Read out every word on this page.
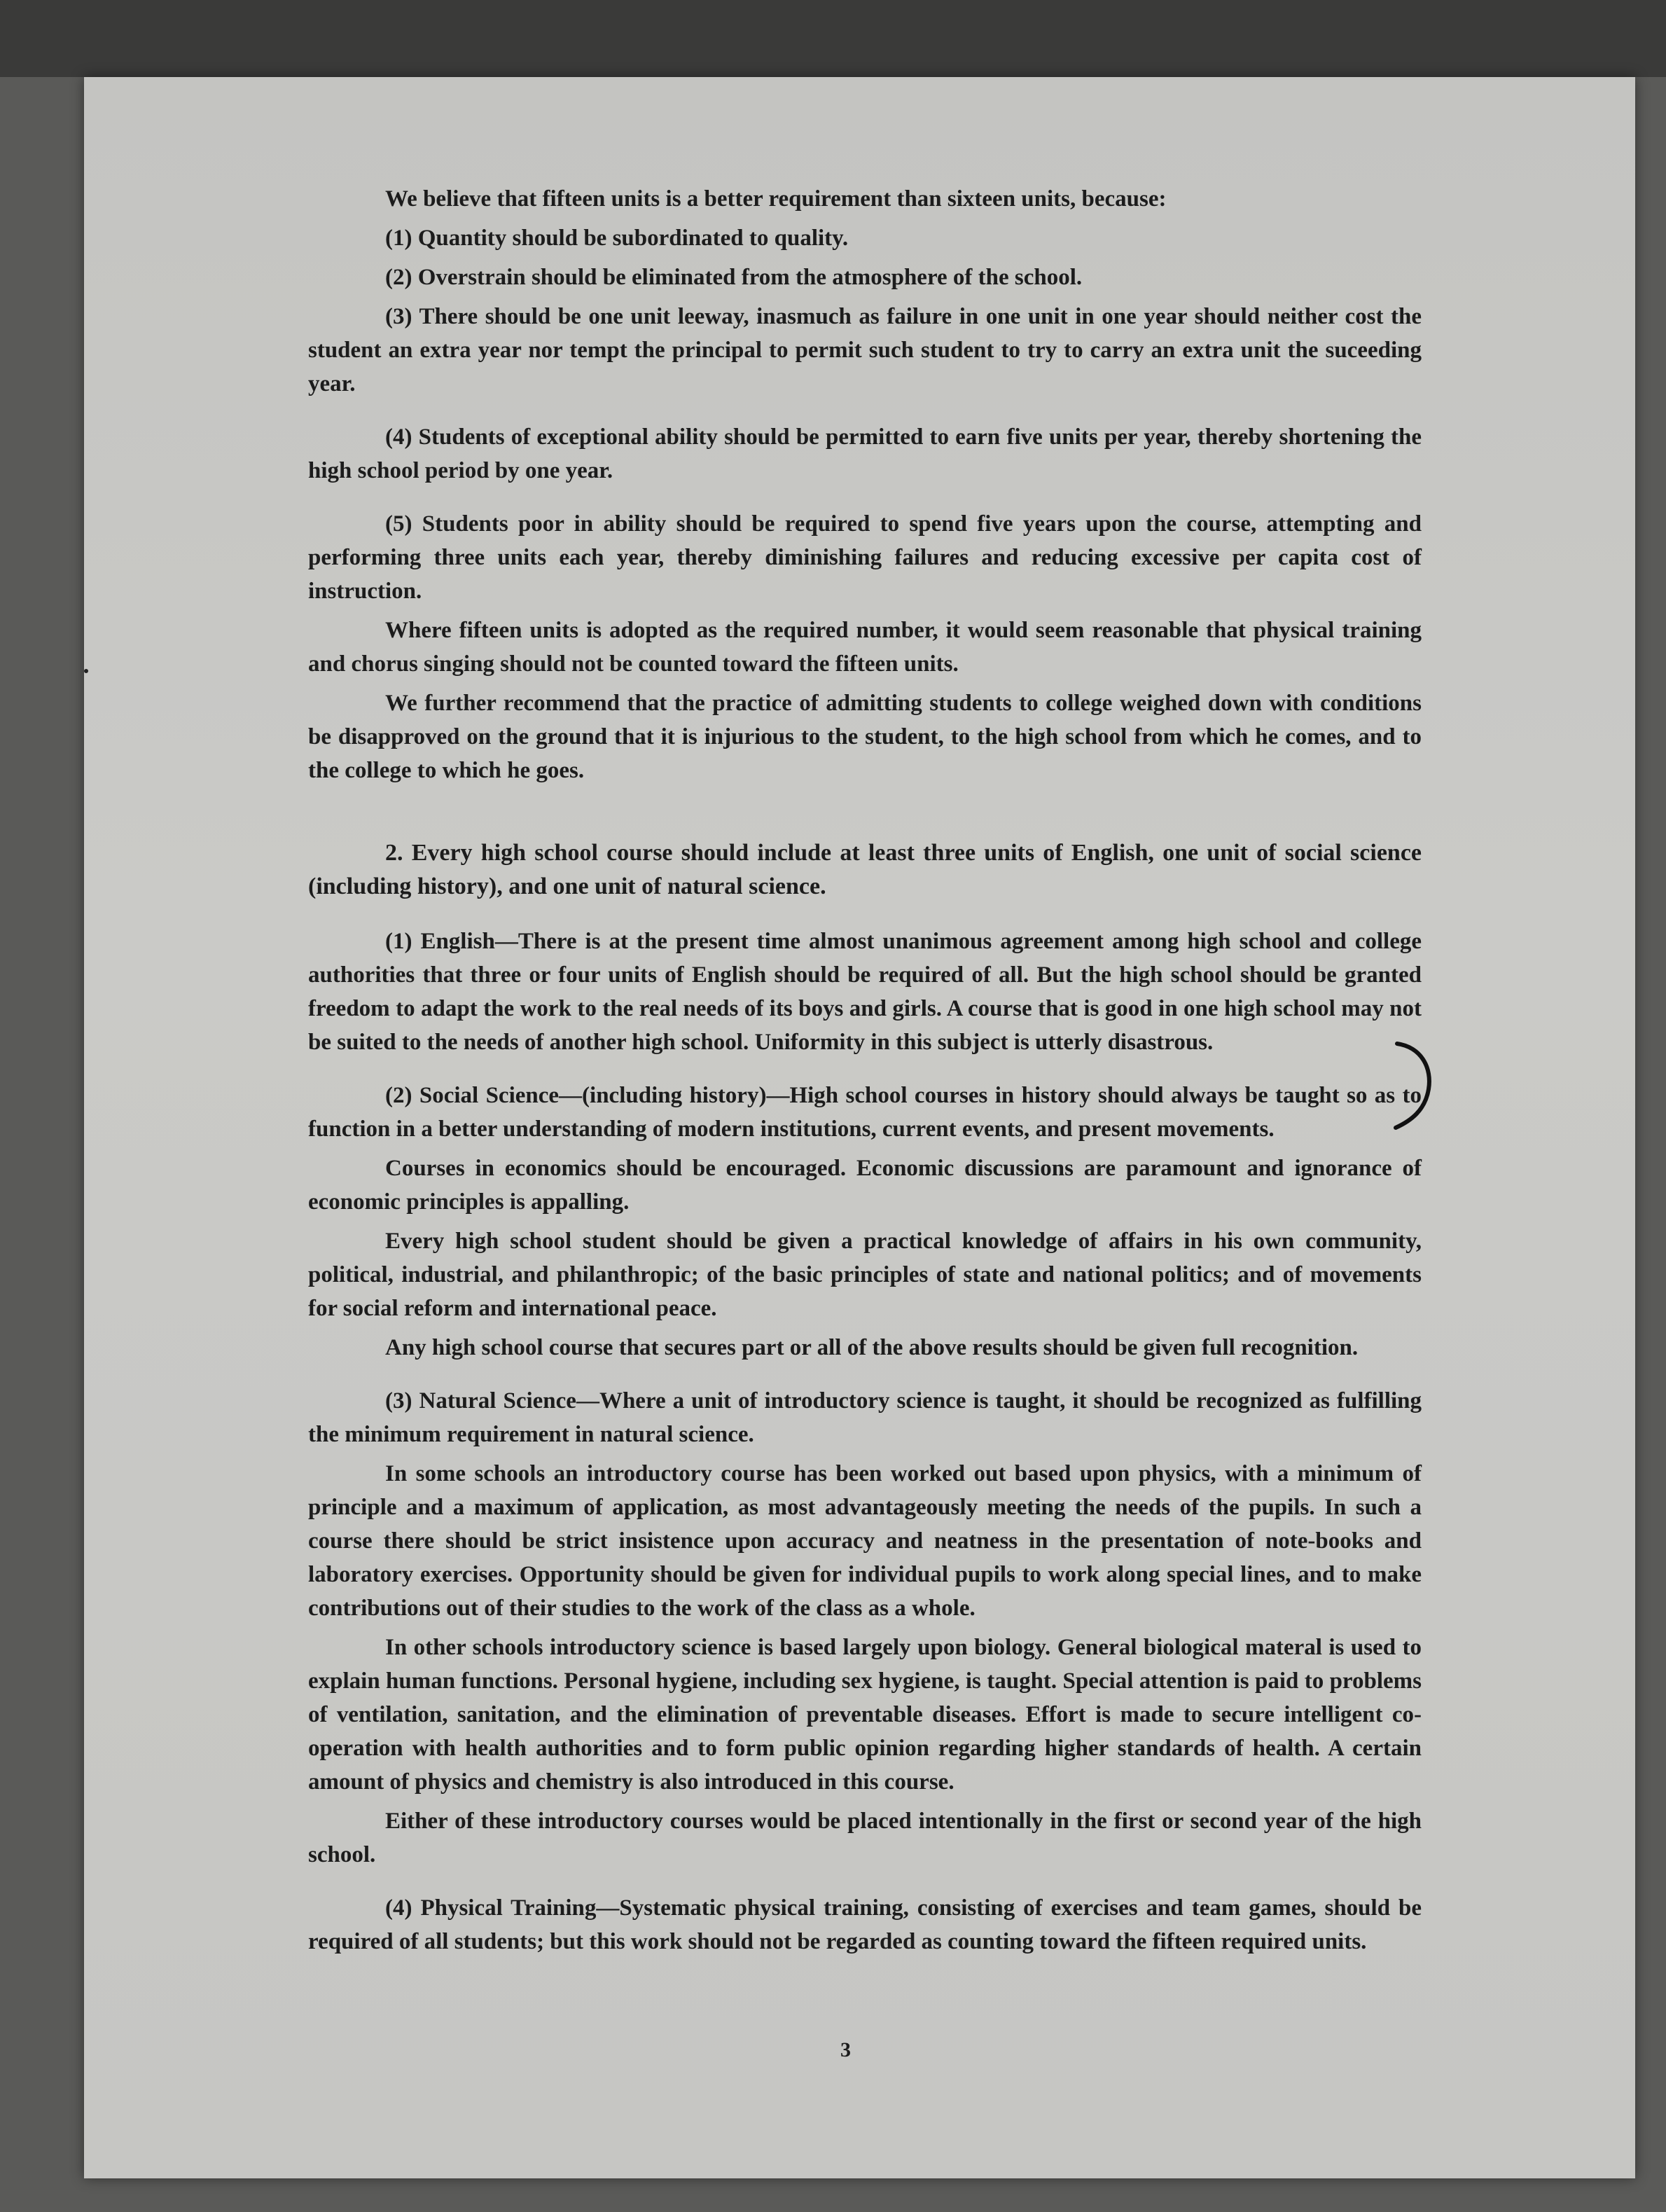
We believe that fifteen units is a better requirement than sixteen units, because:

(1) Quantity should be subordinated to quality.

(2) Overstrain should be eliminated from the atmosphere of the school.

(3) There should be one unit leeway, inasmuch as failure in one unit in one year should neither cost the student an extra year nor tempt the principal to permit such student to try to carry an extra unit the suceeding year.

(4) Students of exceptional ability should be permitted to earn five units per year, thereby shortening the high school period by one year.

(5) Students poor in ability should be required to spend five years upon the course, attempting and performing three units each year, thereby diminishing failures and reducing excessive per capita cost of instruction.

Where fifteen units is adopted as the required number, it would seem reasonable that physical training and chorus singing should not be counted toward the fifteen units.

We further recommend that the practice of admitting students to college weighed down with conditions be disapproved on the ground that it is injurious to the student, to the high school from which he comes, and to the college to which he goes.

2. Every high school course should include at least three units of English, one unit of social science (including history), and one unit of natural science.

(1) English—There is at the present time almost unanimous agreement among high school and college authorities that three or four units of English should be required of all. But the high school should be granted freedom to adapt the work to the real needs of its boys and girls. A course that is good in one high school may not be suited to the needs of another high school. Uniformity in this subject is utterly disastrous.

(2) Social Science—(including history)—High school courses in history should always be taught so as to function in a better understanding of modern institutions, current events, and present movements.

Courses in economics should be encouraged. Economic discussions are paramount and ignorance of economic principles is appalling.

Every high school student should be given a practical knowledge of affairs in his own community, political, industrial, and philanthropic; of the basic principles of state and national politics; and of movements for social reform and international peace.

Any high school course that secures part or all of the above results should be given full recognition.

(3) Natural Science—Where a unit of introductory science is taught, it should be recognized as fulfilling the minimum requirement in natural science.

In some schools an introductory course has been worked out based upon physics, with a minimum of principle and a maximum of application, as most advantageously meeting the needs of the pupils. In such a course there should be strict insistence upon accuracy and neatness in the presentation of note-books and laboratory exercises. Opportunity should be given for individual pupils to work along special lines, and to make contributions out of their studies to the work of the class as a whole.

In other schools introductory science is based largely upon biology. General biological materal is used to explain human functions. Personal hygiene, including sex hygiene, is taught. Special attention is paid to problems of ventilation, sanitation, and the elimination of preventable diseases. Effort is made to secure intelligent co-operation with health authorities and to form public opinion regarding higher standards of health. A certain amount of physics and chemistry is also introduced in this course.

Either of these introductory courses would be placed intentionally in the first or second year of the high school.

(4) Physical Training—Systematic physical training, consisting of exercises and team games, should be required of all students; but this work should not be regarded as counting toward the fifteen required units.

3
